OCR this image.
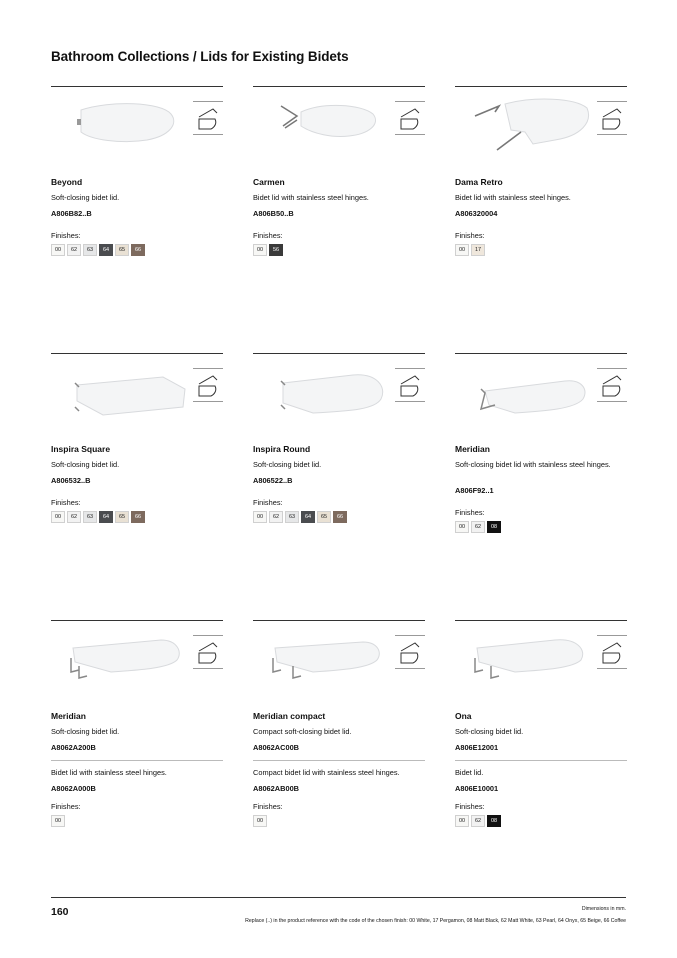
Bathroom Collections / Lids for Existing Bidets
Beyond
Soft-closing bidet lid.
A806B82..B
Finishes:
00	62	63	64	65	66
Carmen
Bidet lid with stainless steel hinges.
A806B50..B
Finishes:
00	56
Dama Retro
Bidet lid with stainless steel hinges.
A806320004
Finishes:
00	17
Inspira Square
Soft-closing bidet lid.
A806532..B
Finishes:
00	62	63	64	65	66
Inspira Round
Soft-closing bidet lid.
A806522..B
Finishes:
00	62	63	64	65	66
Meridian
Soft-closing bidet lid with stainless steel hinges.
A806F92..1
Finishes:
00	62	08
Meridian
Soft-closing bidet lid.
A8062A200B
Bidet lid with stainless steel hinges.
A8062A000B
Finishes:
00
Meridian compact
Compact soft-closing bidet lid.
A8062AC00B
Compact bidet lid with stainless steel hinges.
A8062AB00B
Finishes:
00
Ona
Soft-closing bidet lid.
A806E12001
Bidet lid.
A806E10001
Finishes:
00	62	08
160	Dimensions in mm.
Replace (..) in the product reference with the code of the chosen finish: 00 White, 17 Pergamon, 08 Matt Black, 62 Matt White, 63 Pearl, 64 Onyx, 65 Beige, 66 Coffee
